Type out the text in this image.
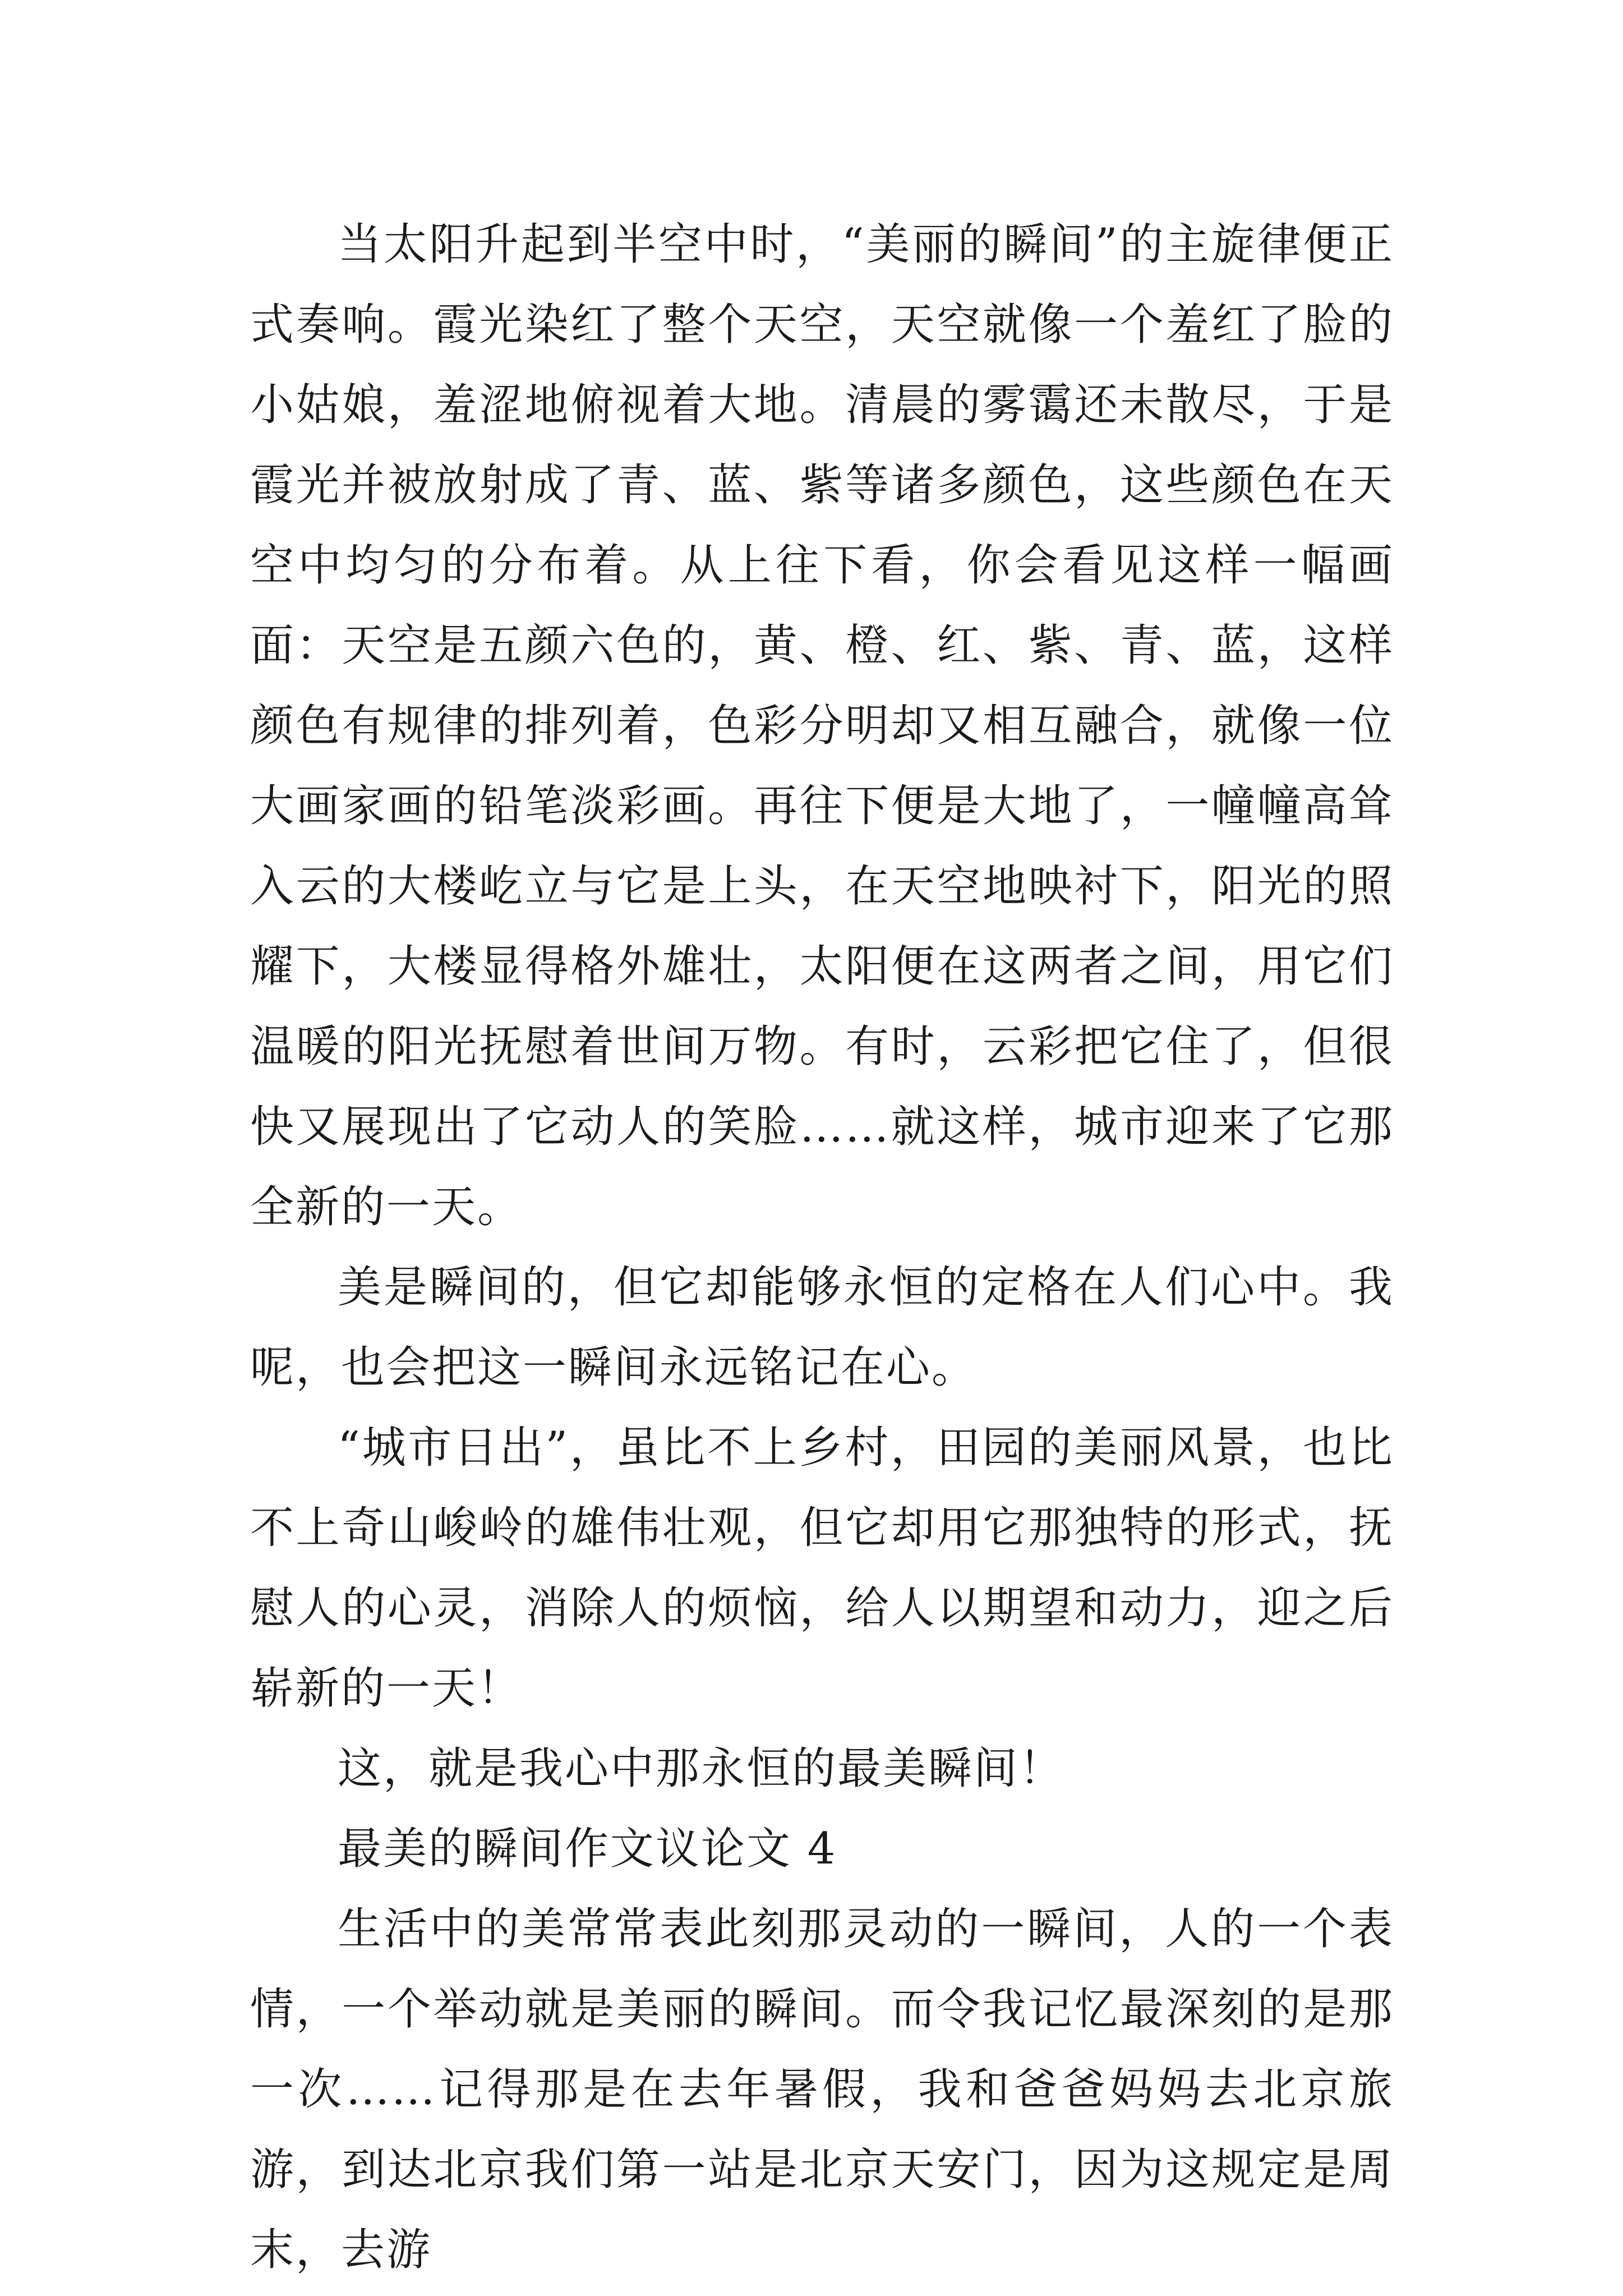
当太阳升起到半空中时，“美丽的瞬间”的主旋律便正式奏响。霞光染红了整个天空，天空就像一个羞红了脸的小姑娘，羞涩地俯视着大地。清晨的雾霭还未散尽，于是霞光并被放射成了青、蓝、紫等诸多颜色，这些颜色在天空中均匀的分布着。从上往下看，你会看见这样一幅画面：天空是五颜六色的，黄、橙、红、紫、青、蓝，这样颜色有规律的排列着，色彩分明却又相互融合，就像一位大画家画的铅笔淡彩画。再往下便是大地了，一幢幢高耸入云的大楼屹立与它是上头，在天空地映衬下，阳光的照耀下，大楼显得格外雄壮，太阳便在这两者之间，用它们温暖的阳光抚慰着世间万物。有时，云彩把它住了，但很快又展现出了它动人的笑脸……就这样，城市迎来了它那全新的一天。

美是瞬间的，但它却能够永恒的定格在人们心中。我呢，也会把这一瞬间永远铭记在心。

“城市日出”，虽比不上乡村，田园的美丽风景，也比不上奇山峻岭的雄伟壮观，但它却用它那独特的形式，抚慰人的心灵，消除人的烦恼，给人以期望和动力，迎之后崭新的一天！

这，就是我心中那永恒的最美瞬间！

最美的瞬间作文议论文 4

生活中的美常常表此刻那灵动的一瞬间，人的一个表情，一个举动就是美丽的瞬间。而令我记忆最深刻的是那一次……记得那是在去年暑假，我和爸爸妈妈去北京旅游，到达北京我们第一站是北京天安门，因为这规定是周末，去游
